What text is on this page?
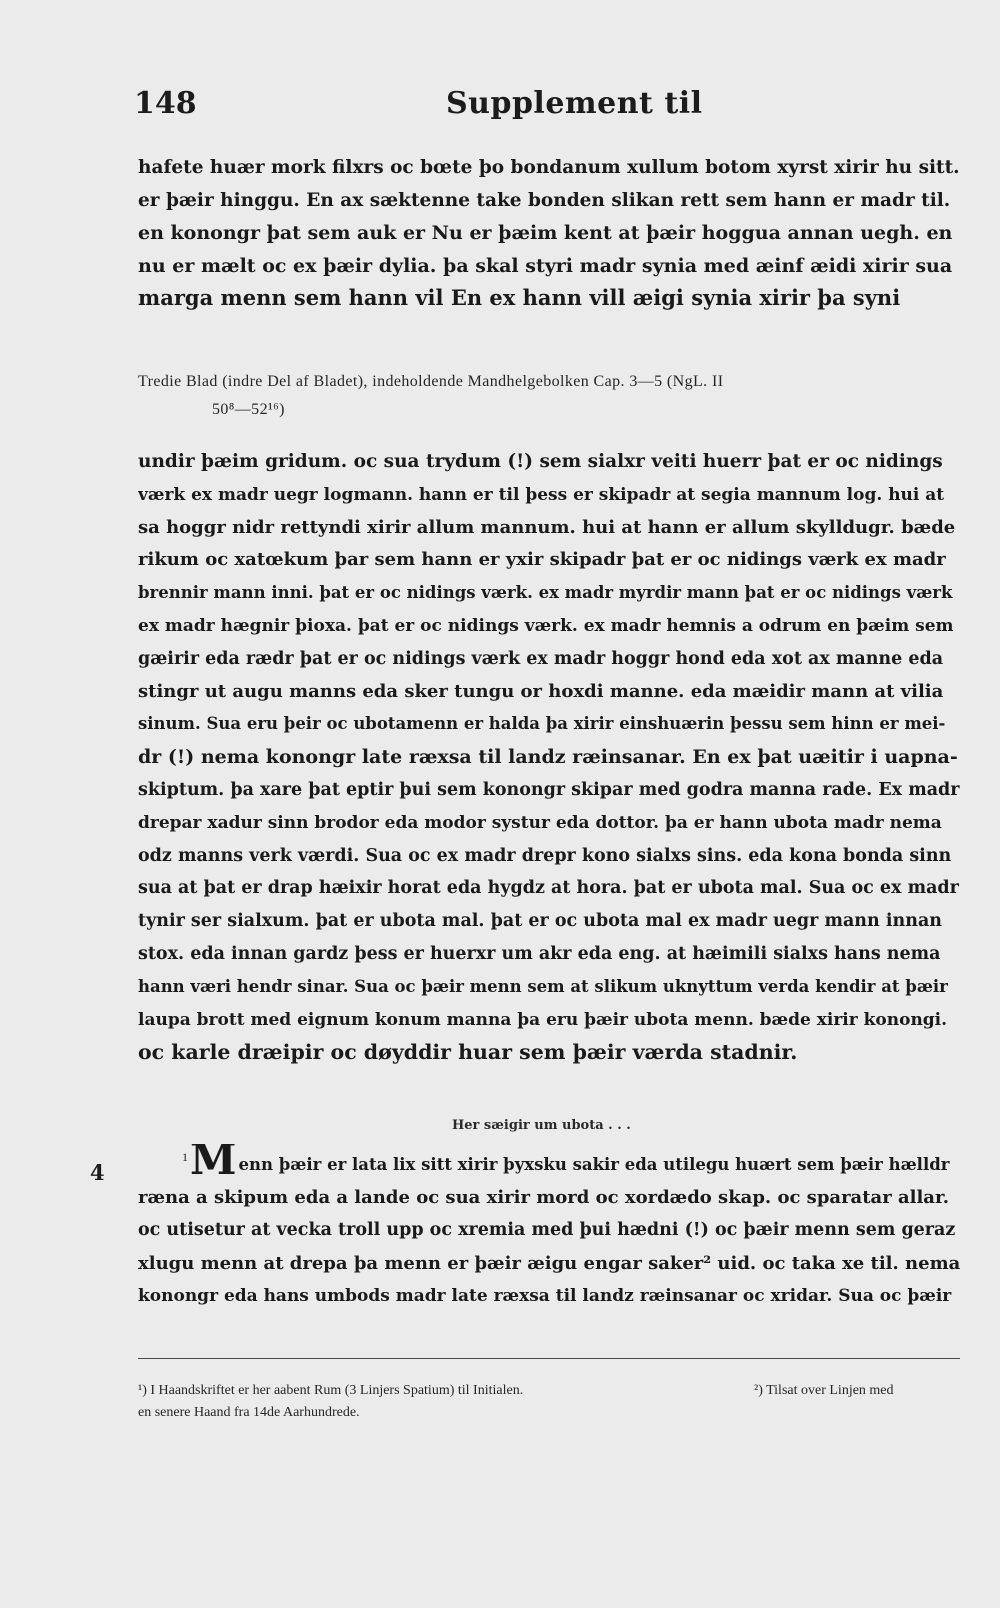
148	Supplement til
hafete huær mork filxrs oc bœte þo bondanum xullum botom xyrst xirir hu sitt.
er þæir hinggu. En ax sæktenne take bonden slikan rett sem hann er madr til.
en konongr þat sem auk er Nu er þæim kent at þæir hoggua annan uegh. en
nu er mælt oc ex þæir dylia. þa skal styri madr synia med æinf æidi xirir sua
marga menn sem hann vil En ex hann vill æigi synia xirir þa syni
Tredie Blad (indre Del af Bladet), indeholdende Mandhelgebolken Cap. 3—5 (NgL. II
50⁸—52¹⁶)
undir þæim gridum. oc sua trydum (!) sem sialxr veiti huerr þat er oc nidings
værk ex madr uegr logmann. hann er til þess er skipadr at segia mannum log. hui at
sa hoggr nidr rettyndi xirir allum mannum. hui at hann er allum skylldugr. bæde
rikum oc xatœkum þar sem hann er yxir skipadr þat er oc nidings værk ex madr
brennir mann inni. þat er oc nidings værk. ex madr myrdir mann þat er oc nidings værk
ex madr hægnir þioxa. þat er oc nidings værk. ex madr hemnis a odrum en þæim sem
gæirir eda rædr þat er oc nidings værk ex madr hoggr hond eda xot ax manne eda
stingr ut augu manns eda sker tungu or hoxdi manne. eda mæidir mann at vilia
sinum. Sua eru þeir oc ubotamenn er halda þa xirir einshuærin þessu sem hinn er mei-
dr (!) nema konongr late ræxsa til landz ræinsanar. En ex þat uæitir i uapna-
skiptum. þa xare þat eptir þui sem konongr skipar med godra manna rade. Ex madr
drepar xadur sinn brodor eda modor systur eda dottor. þa er hann ubota madr nema
odz manns verk værdi. Sua oc ex madr drepr kono sialxs sins. eda kona bonda sinn
sua at þat er drap hæixir horat eda hygdz at hora. þat er ubota mal. Sua oc ex madr
tynir ser sialxum. þat er ubota mal. þat er oc ubota mal ex madr uegr mann innan
stox. eda innan gardz þess er huerxr um akr eda eng. at hæimili sialxs hans nema
hann væri hendr sinar. Sua oc þæir menn sem at slikum uknyttum verda kendir at þæir
laupa brott med eignum konum manna þa eru þæir ubota menn. bæde xirir konongi.
oc karle dræipir oc døyddir huar sem þæir værda stadnir.
Her sæigir um ubota . . .
4
1 Menn þæir er lata lix sitt xirir þyxsku sakir eda utilegu huært sem þæir hælldr
ræna a skipum eda a lande oc sua xirir mord oc xordædo skap. oc sparatar allar.
oc utisetur at vecka troll upp oc xremia med þui hædni (!) oc þæir menn sem geraz
xlugu menn at drepa þa menn er þæir æigu engar saker² uid. oc taka xe til. nema
konongr eda hans umbods madr late ræxsa til landz ræinsanar oc xridar. Sua oc þæir
¹) I Haandskriftet er her aabent Rum (3 Linjers Spatium) til Initialen.	²) Tilsat over Linjen med
en senere Haand fra 14de Aarhundrede.
